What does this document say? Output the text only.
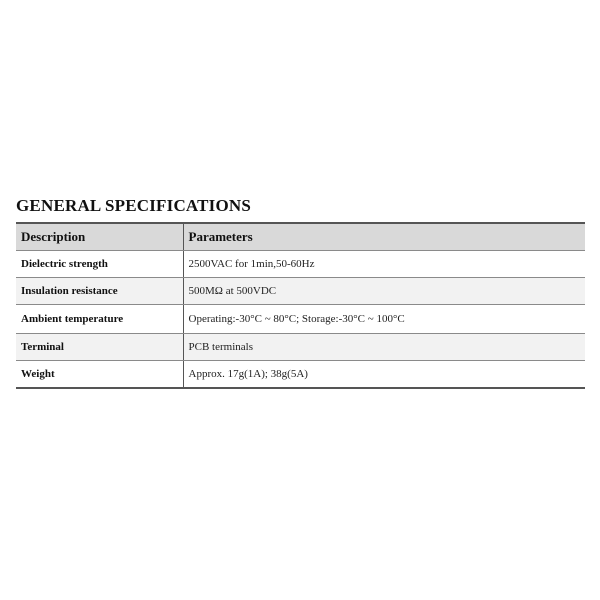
GENERAL SPECIFICATIONS
Description	Parameters
Dielectric strength	2500VAC for 1min,50-60Hz
Insulation resistance	500MΩ at 500VDC
Ambient temperature	Operating:-30°C ~ 80°C; Storage:-30°C ~ 100°C
Terminal	PCB terminals
Weight	Approx. 17g(1A); 38g(5A)
